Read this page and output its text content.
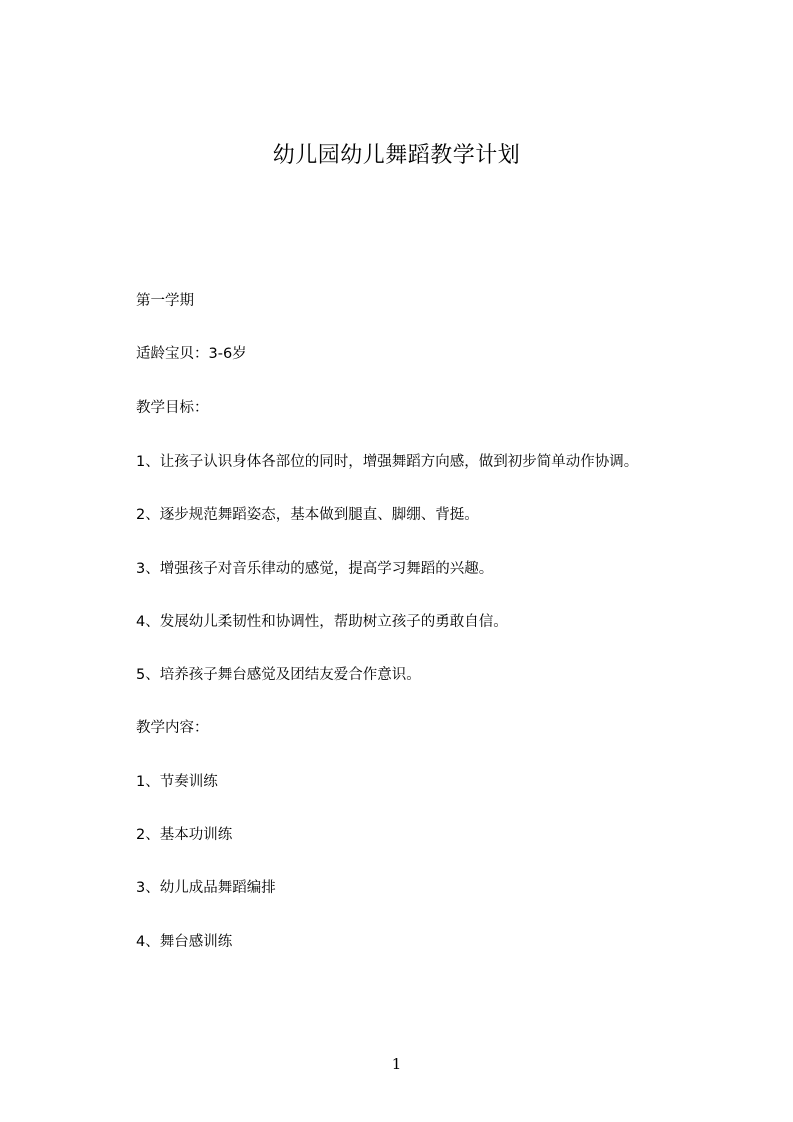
幼儿园幼儿舞蹈教学计划

第一学期

适龄宝贝：3-6岁

教学目标：

1、让孩子认识身体各部位的同时，增强舞蹈方向感，做到初步简单动作协调。

2、逐步规范舞蹈姿态，基本做到腿直、脚绷、背挺。

3、增强孩子对音乐律动的感觉，提高学习舞蹈的兴趣。

4、发展幼儿柔韧性和协调性，帮助树立孩子的勇敢自信。

5、培养孩子舞台感觉及团结友爱合作意识。

教学内容：

1、节奏训练

2、基本功训练

3、幼儿成品舞蹈编排

4、舞台感训练

1
